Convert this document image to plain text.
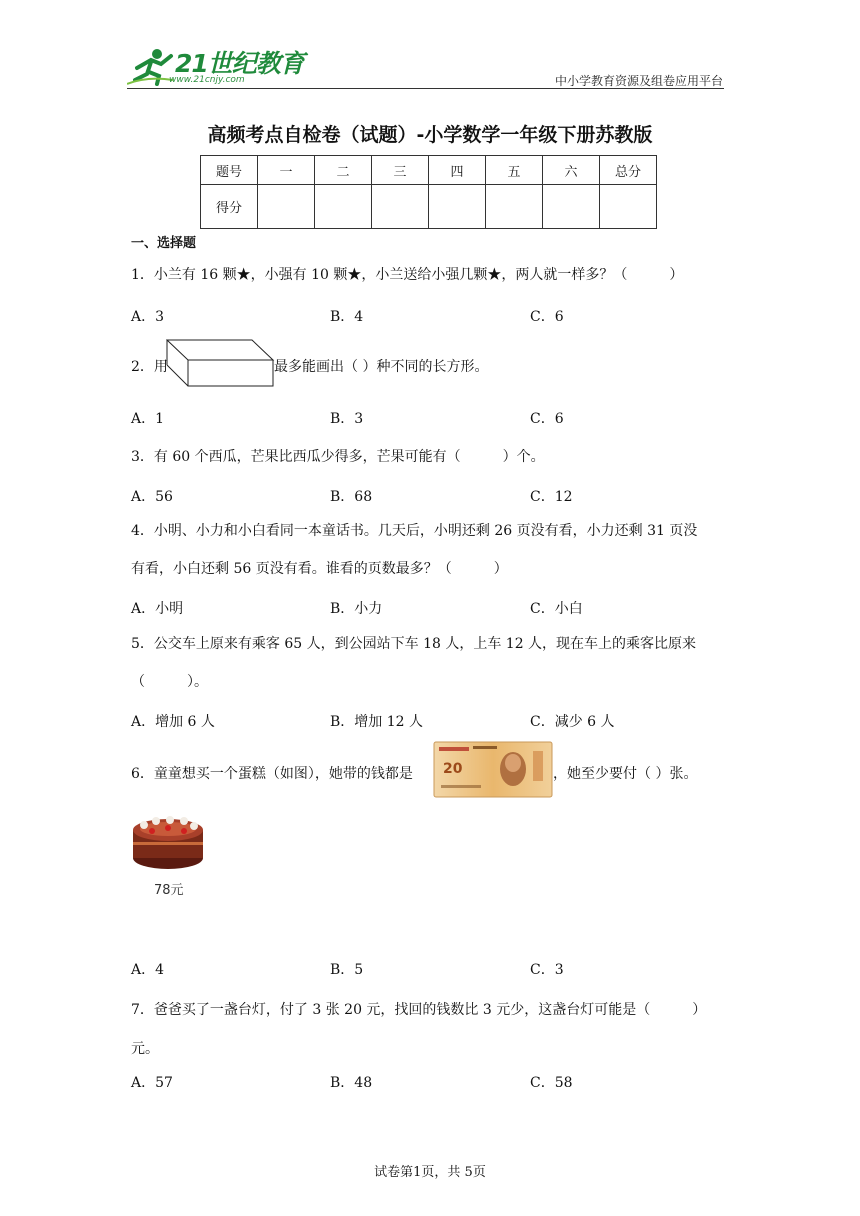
21世纪教育
www.21cnjy.com	中小学教育资源及组卷应用平台
高频考点自检卷（试题）-小学数学一年级下册苏教版
题号	一	二	三	四	五	六	总分
得分							
一、选择题
1．小兰有 16 颗★，小强有 10 颗★，小兰送给小强几颗★，两人就一样多？（　　　）
A．3	B．4	C．6
2．用	最多能画出（ ）种不同的长方形。
A．1	B．3	C．6
3．有 60 个西瓜，芒果比西瓜少得多，芒果可能有（　　　）个。
A．56	B．68	C．12
4．小明、小力和小白看同一本童话书。几天后，小明还剩 26 页没有看，小力还剩 31 页没
有看，小白还剩 56 页没有看。谁看的页数最多？（　　　）
A．小明	B．小力	C．小白
5．公交车上原来有乘客 65 人，到公园站下车 18 人，上车 12 人，现在车上的乘客比原来
（　　　）。
A．增加 6 人	B．增加 12 人	C．减少 6 人
6．童童想买一个蛋糕（如图），她带的钱都是 20	，她至少要付（ ）张。
78元
A．4	B．5	C．3
7．爸爸买了一盏台灯，付了 3 张 20 元，找回的钱数比 3 元少，这盏台灯可能是（　　　）
元。
A．57	B．48	C．58
试卷第1页，共 5页
